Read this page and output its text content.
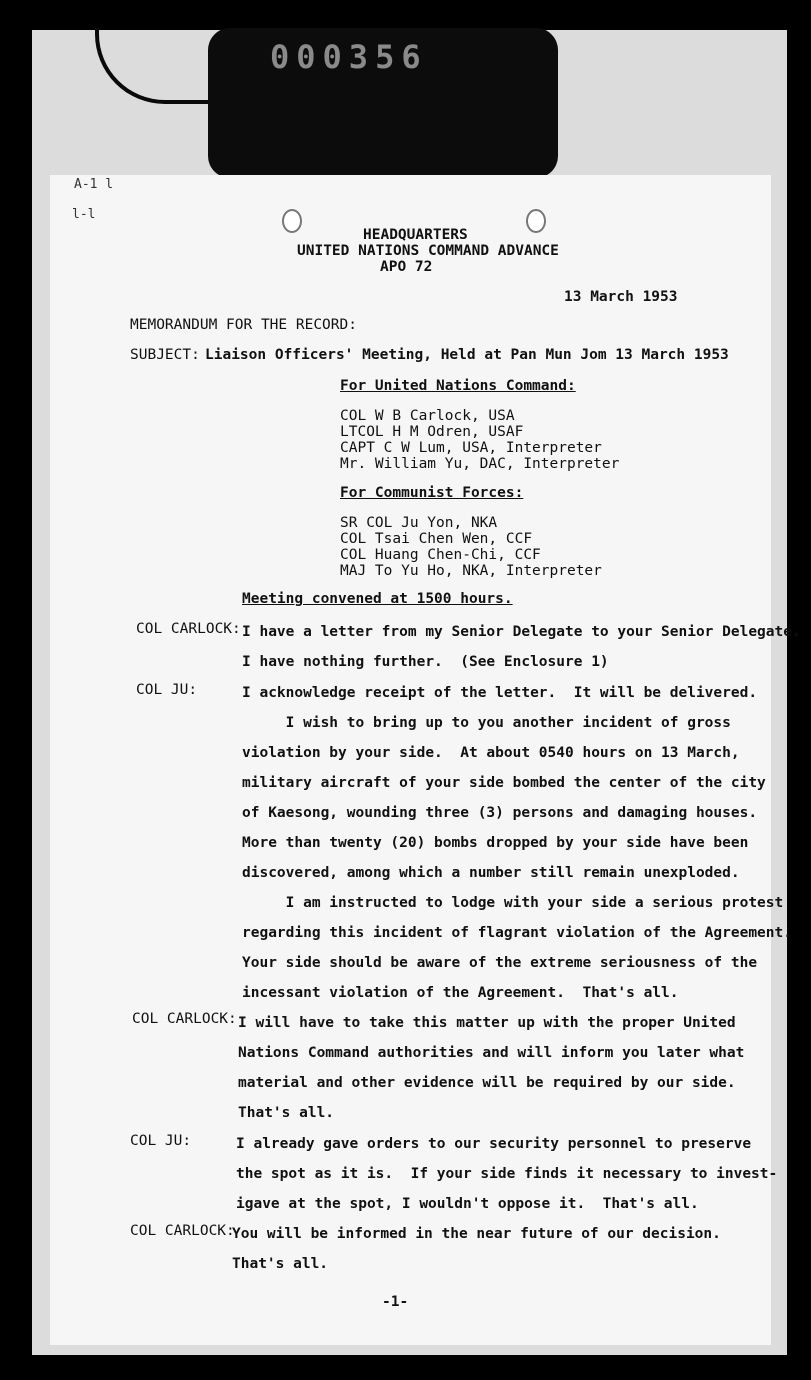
000356
A-1 l
l-l
HEADQUARTERS
UNITED NATIONS COMMAND ADVANCE
APO 72
13 March 1953
MEMORANDUM FOR THE RECORD:
SUBJECT: Liaison Officers' Meeting, Held at Pan Mun Jom 13 March 1953
For United Nations Command:
COL W B Carlock, USA
LTCOL H M Odren, USAF
CAPT C W Lum, USA, Interpreter
Mr. William Yu, DAC, Interpreter
For Communist Forces:
SR COL Ju Yon, NKA
COL Tsai Chen Wen, CCF
COL Huang Chen-Chi, CCF
MAJ To Yu Ho, NKA, Interpreter
Meeting convened at 1500 hours.
COL CARLOCK: I have a letter from my Senior Delegate to your Senior Delegate.
I have nothing further.  (See Enclosure 1)
COL JU:	I acknowledge receipt of the letter.  It will be delivered.
I wish to bring up to you another incident of gross
violation by your side.  At about 0540 hours on 13 March,
military aircraft of your side bombed the center of the city
of Kaesong, wounding three (3) persons and damaging houses.
More than twenty (20) bombs dropped by your side have been
discovered, among which a number still remain unexploded.
I am instructed to lodge with your side a serious protest
regarding this incident of flagrant violation of the Agreement.
Your side should be aware of the extreme seriousness of the
incessant violation of the Agreement.  That's all.
COL CARLOCK: I will have to take this matter up with the proper United
Nations Command authorities and will inform you later what
material and other evidence will be required by our side.
That's all.
COL JU:	I already gave orders to our security personnel to preserve
the spot as it is.  If your side finds it necessary to invest-
igave at the spot, I wouldn't oppose it.  That's all.
COL CARLOCK:
You will be informed in the near future of our decision.
That's all.
-1-
